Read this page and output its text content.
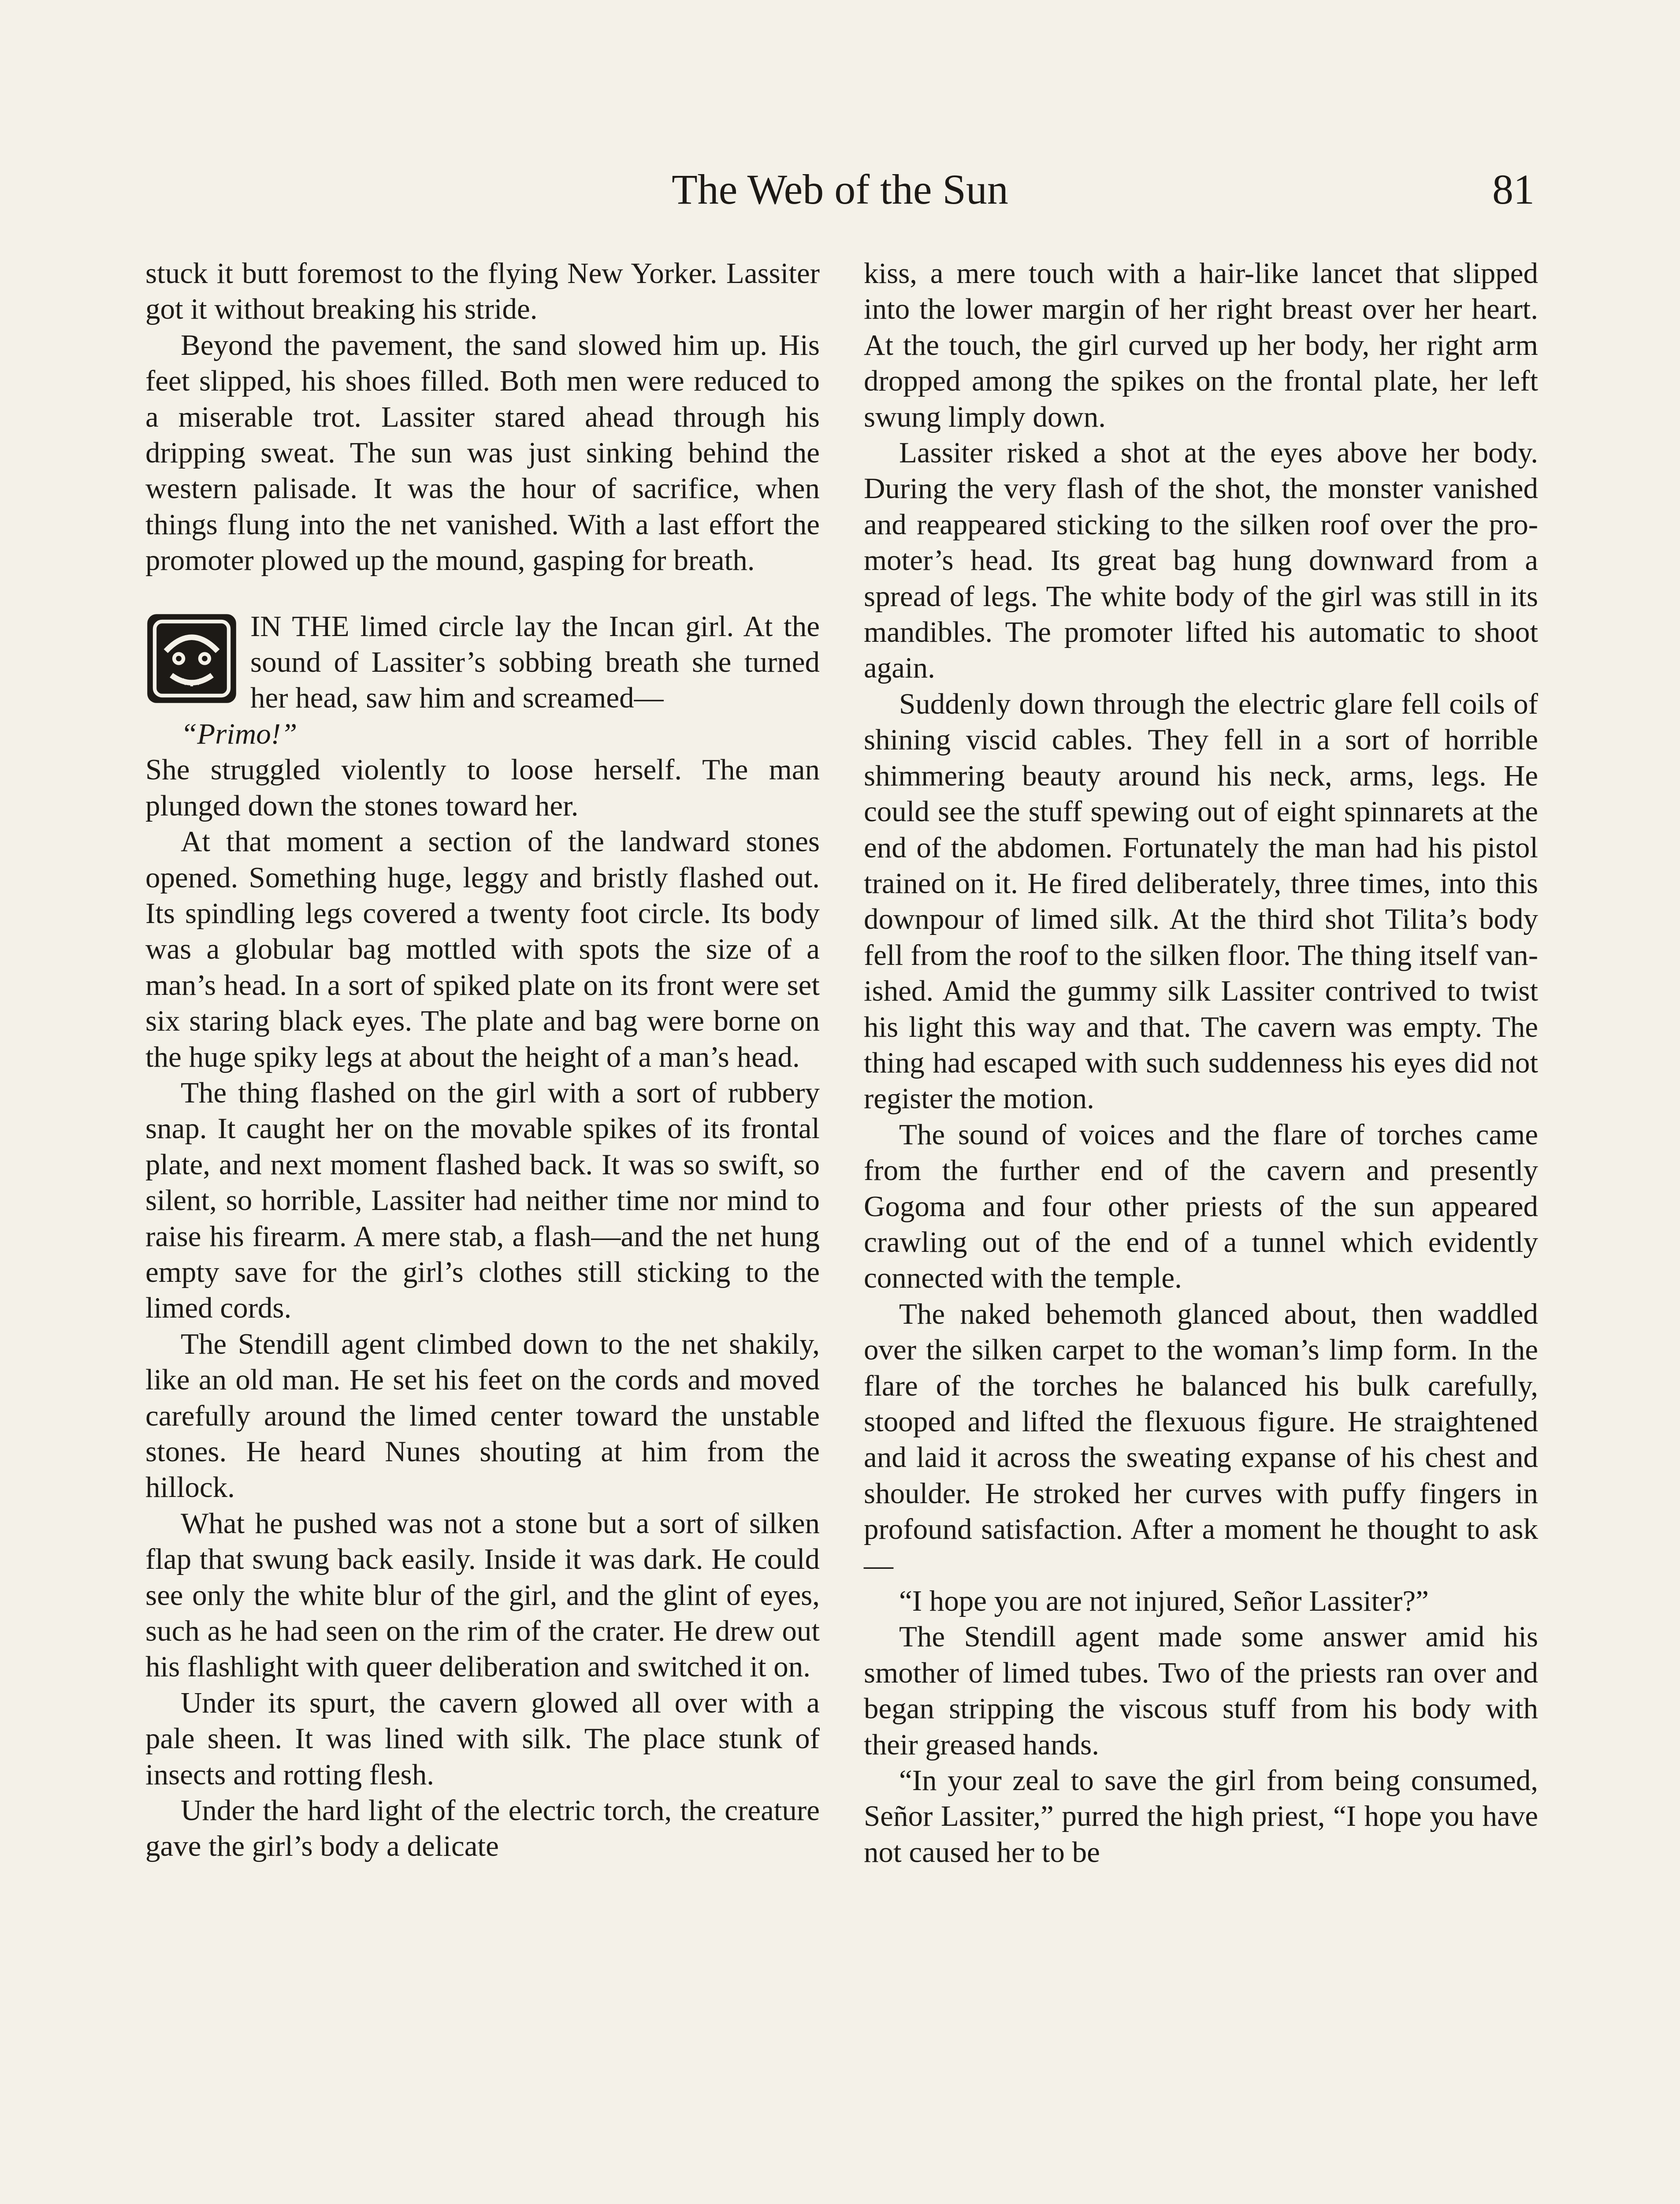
The Web of the Sun	81

stuck it butt foremost to the flying New Yorker. Lassiter got it without breaking his stride.

Beyond the pavement, the sand slowed him up. His feet slipped, his shoes filled. Both men were reduced to a miserable trot. Lassiter stared ahead through his dripping sweat. The sun was just sinking behind the western palisade. It was the hour of sacrifice, when things flung into the net vanished. With a last effort the promoter plowed up the mound, gasping for breath.

IN THE limed circle lay the Incan girl. At the sound of Lassiter’s sobbing breath she turned her head, saw him and screamed—

“Primo!”

She struggled violently to loose herself. The man plunged down the stones toward her.

At that moment a section of the landward stones opened. Something huge, leggy and bristly flashed out. Its spindling legs covered a twenty foot circle. Its body was a globular bag mottled with spots the size of a man’s head. In a sort of spiked plate on its front were set six staring black eyes. The plate and bag were borne on the huge spiky legs at about the height of a man’s head.

The thing flashed on the girl with a sort of rubbery snap. It caught her on the movable spikes of its frontal plate, and next moment flashed back. It was so swift, so silent, so horrible, Lassiter had neither time nor mind to raise his firearm. A mere stab, a flash—and the net hung empty save for the girl’s clothes still sticking to the limed cords.

The Stendill agent climbed down to the net shakily, like an old man. He set his feet on the cords and moved carefully around the limed center toward the unstable stones. He heard Nunes shouting at him from the hillock.

What he pushed was not a stone but a sort of silken flap that swung back easily. Inside it was dark. He could see only the white blur of the girl, and the glint of eyes, such as he had seen on the rim of the crater. He drew out his flashlight with queer deliberation and switched it on.

Under its spurt, the cavern glowed all over with a pale sheen. It was lined with silk. The place stunk of insects and rotting flesh.

Under the hard light of the electric torch, the creature gave the girl’s body a delicate

kiss, a mere touch with a hair-like lancet that slipped into the lower margin of her right breast over her heart. At the touch, the girl curved up her body, her right arm dropped among the spikes on the frontal plate, her left swung limply down.

Lassiter risked a shot at the eyes above her body. During the very flash of the shot, the monster vanished and reappeared sticking to the silken roof over the promoter’s head. Its great bag hung downward from a spread of legs. The white body of the girl was still in its mandibles. The promoter lifted his automatic to shoot again.

Suddenly down through the electric glare fell coils of shining viscid cables. They fell in a sort of horrible shimmering beauty around his neck, arms, legs. He could see the stuff spewing out of eight spinnarets at the end of the abdomen. Fortunately the man had his pistol trained on it. He fired deliberately, three times, into this downpour of limed silk. At the third shot Tilita’s body fell from the roof to the silken floor. The thing itself vanished. Amid the gummy silk Lassiter contrived to twist his light this way and that. The cavern was empty. The thing had escaped with such suddenness his eyes did not register the motion.

The sound of voices and the flare of torches came from the further end of the cavern and presently Gogoma and four other priests of the sun appeared crawling out of the end of a tunnel which evidently connected with the temple.

The naked behemoth glanced about, then waddled over the silken carpet to the woman’s limp form. In the flare of the torches he balanced his bulk carefully, stooped and lifted the flexuous figure. He straightened and laid it across the sweating expanse of his chest and shoulder. He stroked her curves with puffy fingers in profound satisfaction. After a moment he thought to ask—

“I hope you are not injured, Señor Lassiter?”

The Stendill agent made some answer amid his smother of limed tubes. Two of the priests ran over and began stripping the viscous stuff from his body with their greased hands.

“In your zeal to save the girl from being consumed, Señor Lassiter,” purred the high priest, “I hope you have not caused her to be
